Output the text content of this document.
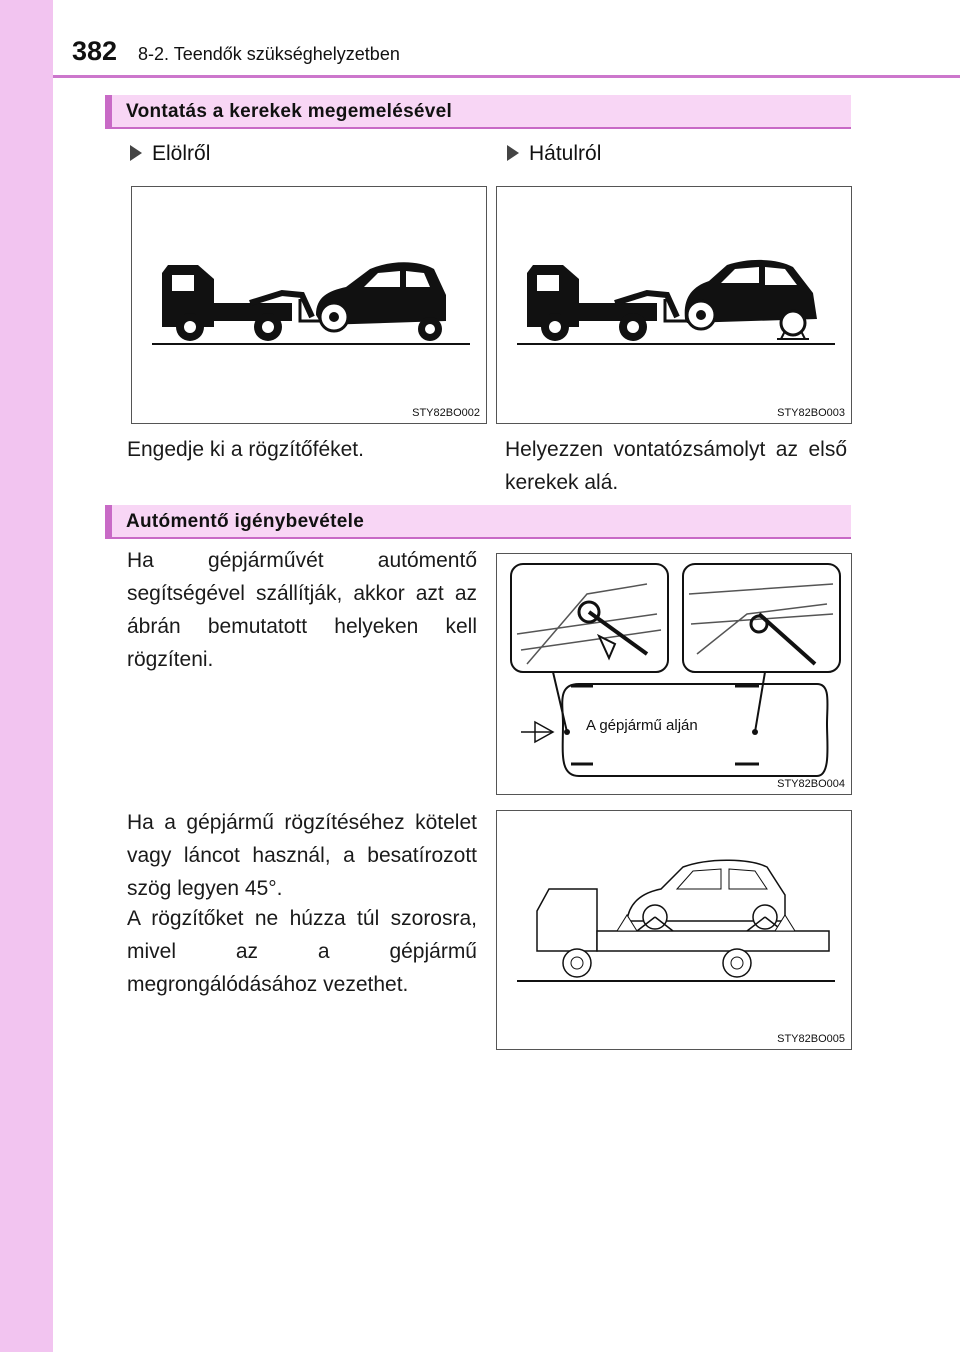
382 8-2. Teendők szükséghelyzetben
Vontatás a kerekek megemelésével
Elölről	Hátulról
STY82BO002	STY82BO003
Engedje ki a rögzítőféket.	Helyezzen vontatózsámolyt az első kerekek alá.
Autómentő igénybevétele
Ha gépjárművét autómentő segítségével szállítják, akkor azt az ábrán bemutatott helyeken kell rögzíteni.
STY82BO004
A gépjármű alján
Ha a gépjármű rögzítéséhez kötelet vagy láncot használ, a besatírozott szög legyen 45°.
A rögzítőket ne húzza túl szorosra, mivel az a gépjármű megrongálódásához vezethet.
STY82BO005
